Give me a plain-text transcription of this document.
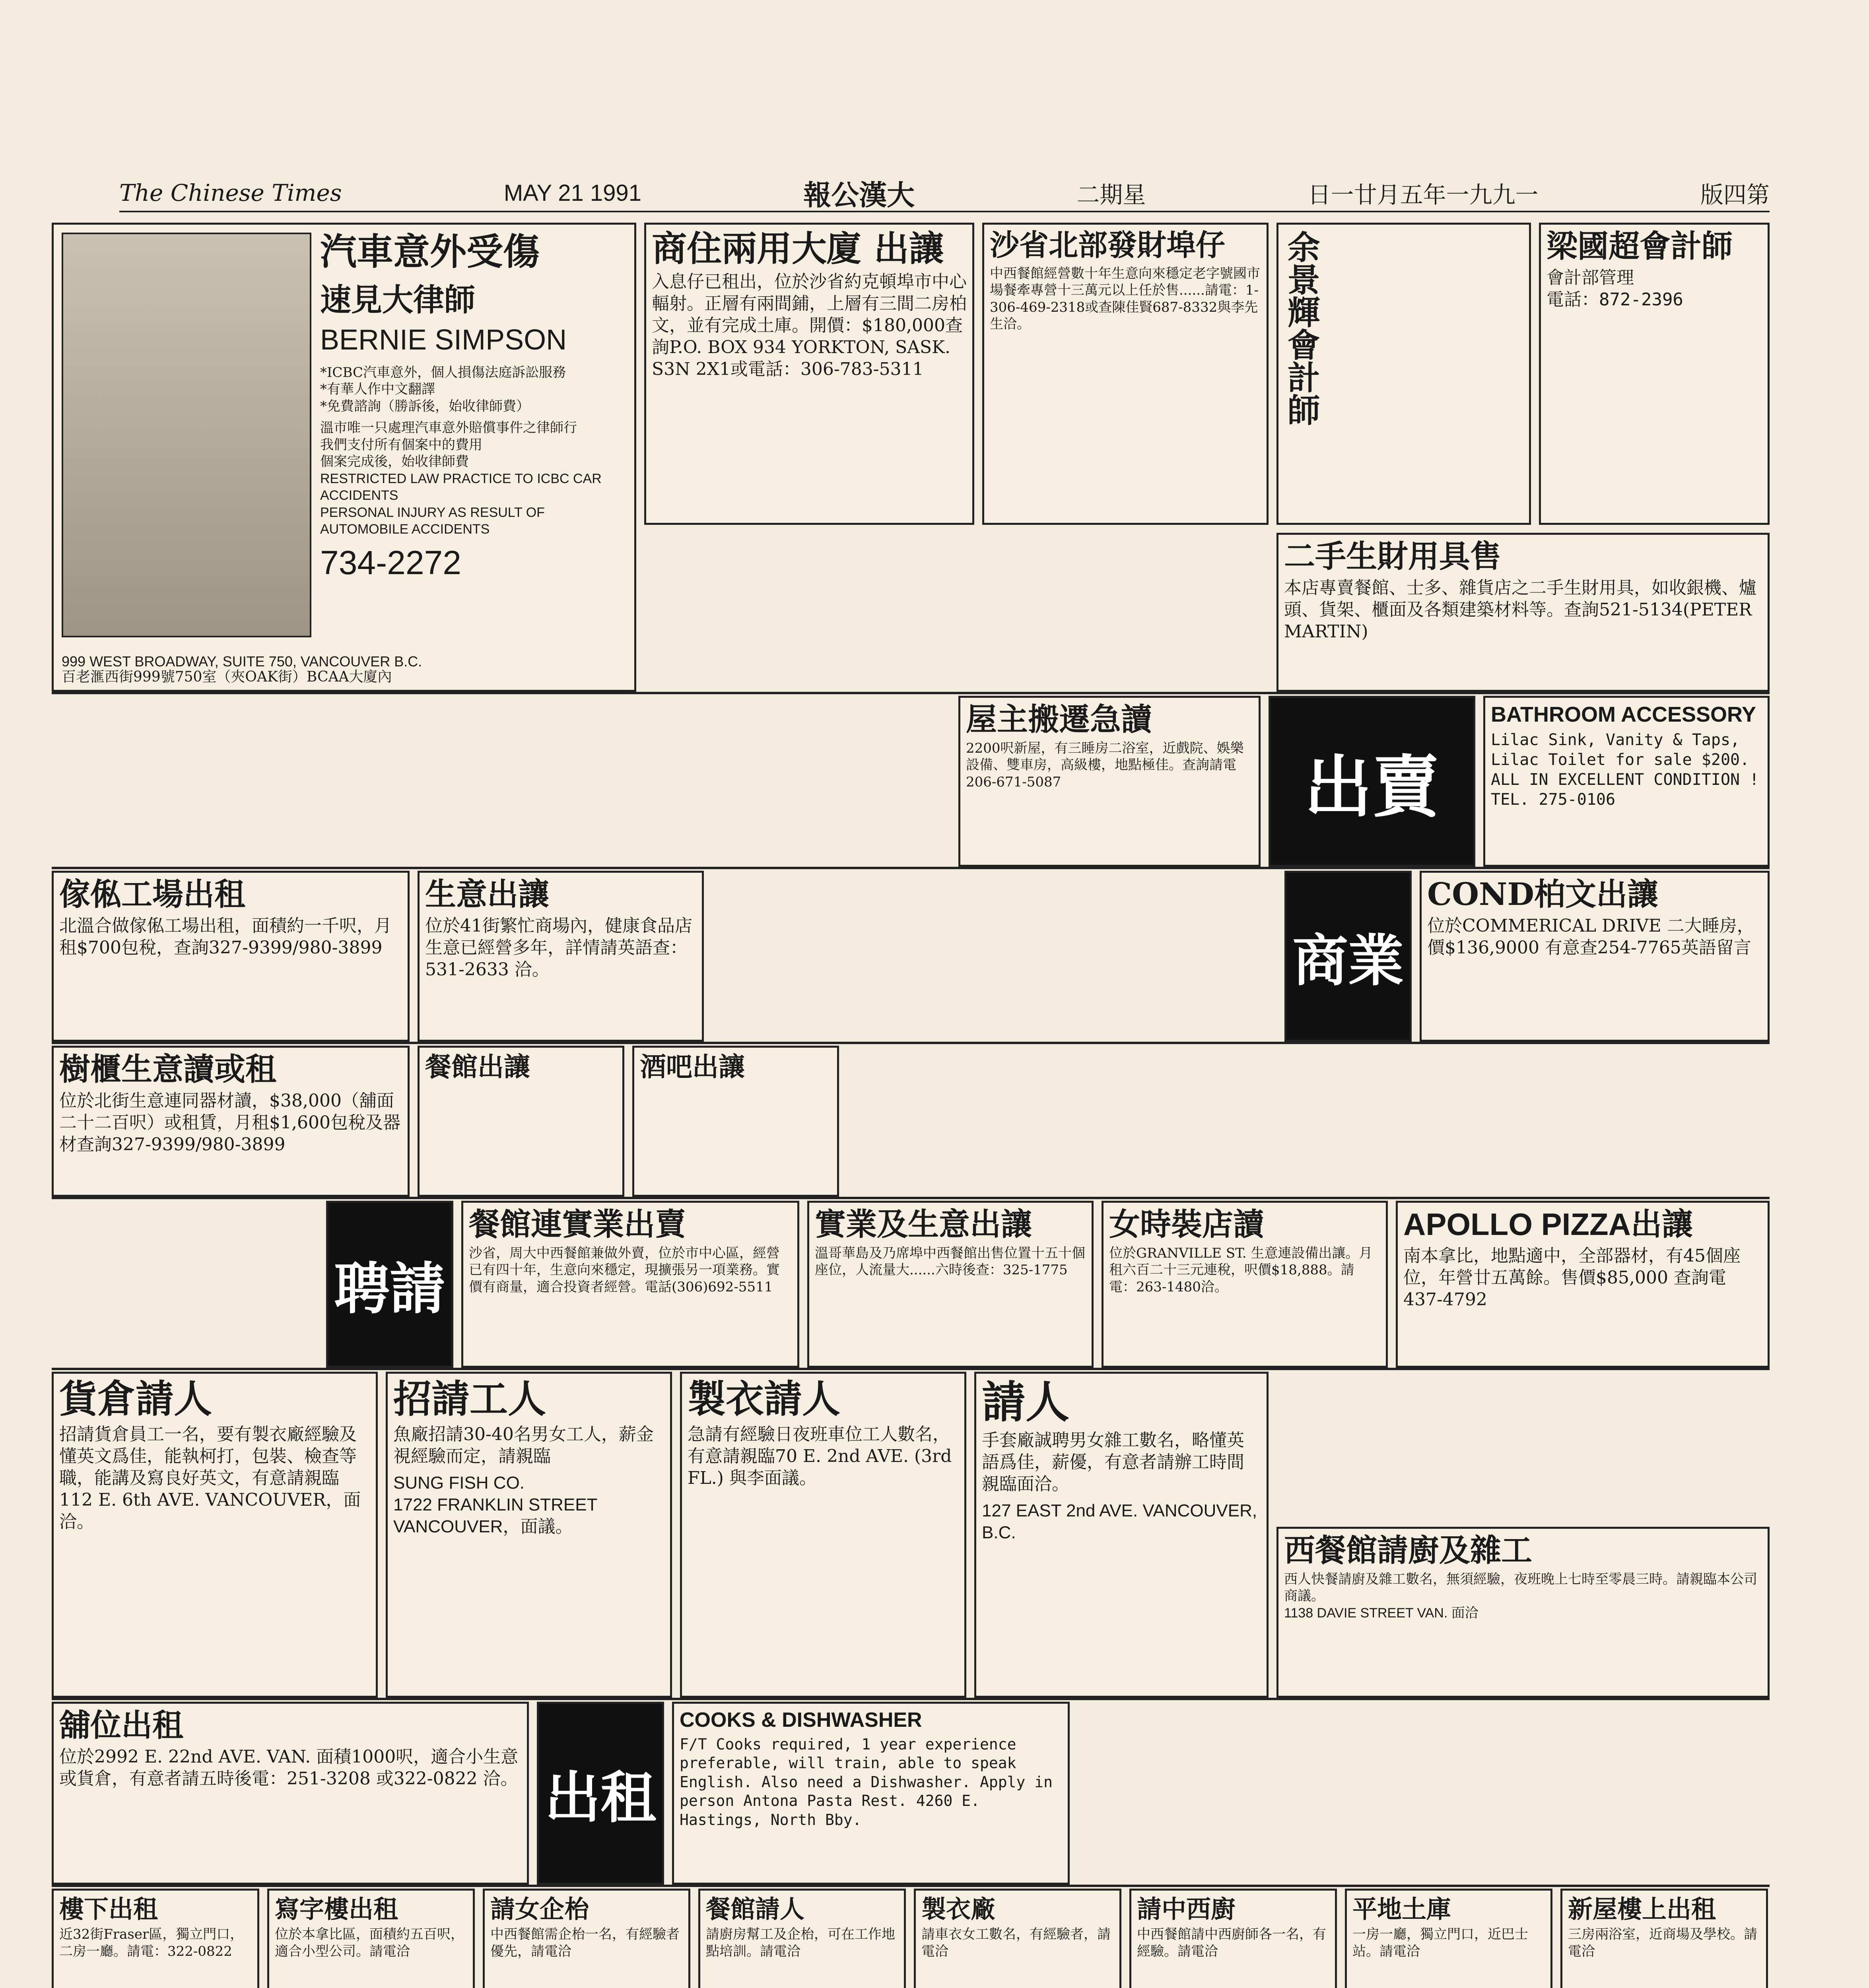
The Chinese Times	MAY 21 1991	報公漢大	二期星	日一廿月五年一九九一	版四第
汽車意外受傷
速見大律師
BERNIE SIMPSON

*ICBC汽車意外，個人損傷法庭訴訟服務

*有華人作中文翻譯

*免費諮詢（勝訴後，始收律師費）

溫市唯一只處理汽車意外賠償事件之律師行

我們支付所有個案中的費用

個案完成後，始收律師費

RESTRICTED LAW PRACTICE TO ICBC CAR ACCIDENTS

PERSONAL INJURY AS RESULT OF AUTOMOBILE ACCIDENTS

734-2272
999 WEST BROADWAY, SUITE 750, VANCOUVER B.C.
百老滙西街999號750室（夾OAK街）BCAA大廈內
商住兩用大廈 出讓

入息仔已租出，位於沙省約克頓埠市中心輻射。正層有兩間鋪，上層有三間二房柏文，並有完成土庫。開價：$180,000查詢P.O. BOX 934 YORKTON, SASK. S3N 2X1或電話：306-783-5311

沙省北部發財埠仔

中西餐館經營數十年生意向來穩定老字號國市場餐牽專營十三萬元以上任於售......請電：1-306-469-2318或查陳佳賢687-8332與李先生洽。	余景輝會計師	梁國超會計師

會計部管理

電話：872-2396

二手生財用具售

本店專賣餐館、士多、雜貨店之二手生財用具，如收銀機、爐頭、貨架、櫃面及各類建築材料等。查詢521-5134(PETER MARTIN)

屋主搬遷急讀

2200呎新屋，有三睡房二浴室，近戲院、娛樂設備、雙車房，高級樓，地點極佳。查詢請電 206-671-5087	出賣
BATHROOM ACCESSORY

Lilac Sink, Vanity & Taps, Lilac Toilet for sale $200. ALL IN EXCELLENT CONDITION ! TEL. 275-0106

傢俬工場出租

北溫合做傢俬工場出租，面積約一千呎，月租$700包稅，查詢327-9399/980-3899

生意出讓

位於41街繁忙商場內，健康食品店生意已經營多年，詳情請英語查：531-2633 洽。	商業
COND柏文出讓

位於COMMERICAL DRIVE 二大睡房，價$136,9000 有意查254-7765英語留言

樹櫃生意讀或租

位於北街生意連同器材讀，$38,000（舖面二十二百呎）或租賃，月租$1,600包稅及器材查詢327-9399/980-3899

餐館出讓	酒吧出讓
聘請
餐館連實業出賣

沙省，周大中西餐館兼做外賣，位於市中心區，經營已有四十年，生意向來穩定，現擴張另一項業務。實價有商量，適合投資者經營。電話(306)692-5511

實業及生意出讓

溫哥華島及乃席埠中西餐館出售位置十五十個座位，人流量大......六時後查：325-1775

女時裝店讀

位於GRANVILLE ST. 生意連設備出讓。月租六百二十三元連稅，呎價$18,888。請電：263-1480洽。

APOLLO PIZZA出讓

南本拿比，地點適中，全部器材，有45個座位，年營廿五萬餘。售價$85,000 查詢電437-4792

貨倉請人

招請貨倉員工一名，要有製衣廠經驗及懂英文爲佳，能執柯打，包裝、檢查等職，能講及寫良好英文，有意請親臨112 E. 6th AVE. VANCOUVER，面洽。

招請工人

魚廠招請30-40名男女工人，薪金視經驗而定，請親臨

SUNG FISH CO.

1722 FRANKLIN STREET VANCOUVER，面議。

製衣請人

急請有經驗日夜班車位工人數名，有意請親臨70 E. 2nd AVE. (3rd FL.) 與李面議。

請人

手套廠誠聘男女雜工數名，略懂英語爲佳，薪優，有意者請辦工時間親臨面洽。

127 EAST 2nd AVE. VANCOUVER, B.C.	西餐館請廚及雜工

西人快餐請廚及雜工數名，無須經驗，夜班晚上七時至零晨三時。請親臨本公司商議。

1138 DAVIE STREET VAN. 面洽

舖位出租

位於2992 E. 22nd AVE. VAN. 面積1000呎，適合小生意或貨倉，有意者請五時後電：251-3208 或322-0822 洽。 出租
COOKS & DISHWASHER

F/T Cooks required, 1 year experience preferable, will train, able to speak English. Also need a Dishwasher. Apply in person Antona Pasta Rest. 4260 E. Hastings, North Bby.

樓下出租

近32街Fraser區，獨立門口，二房一廳。請電：322-0822

寫字樓出租

位於本拿比區，面積約五百呎，適合小型公司。請電洽

請女企枱

中西餐館需企枱一名，有經驗者優先，請電洽

餐館請人

請廚房幫工及企枱，可在工作地點培訓。請電洽

製衣廠

請車衣女工數名，有經驗者，請電洽

請中西廚

中西餐館請中西廚師各一名，有經驗。請電洽

平地土庫

一房一廳，獨立門口，近巴士站。請電洽

新屋樓上出租

三房兩浴室，近商場及學校。請電洽
